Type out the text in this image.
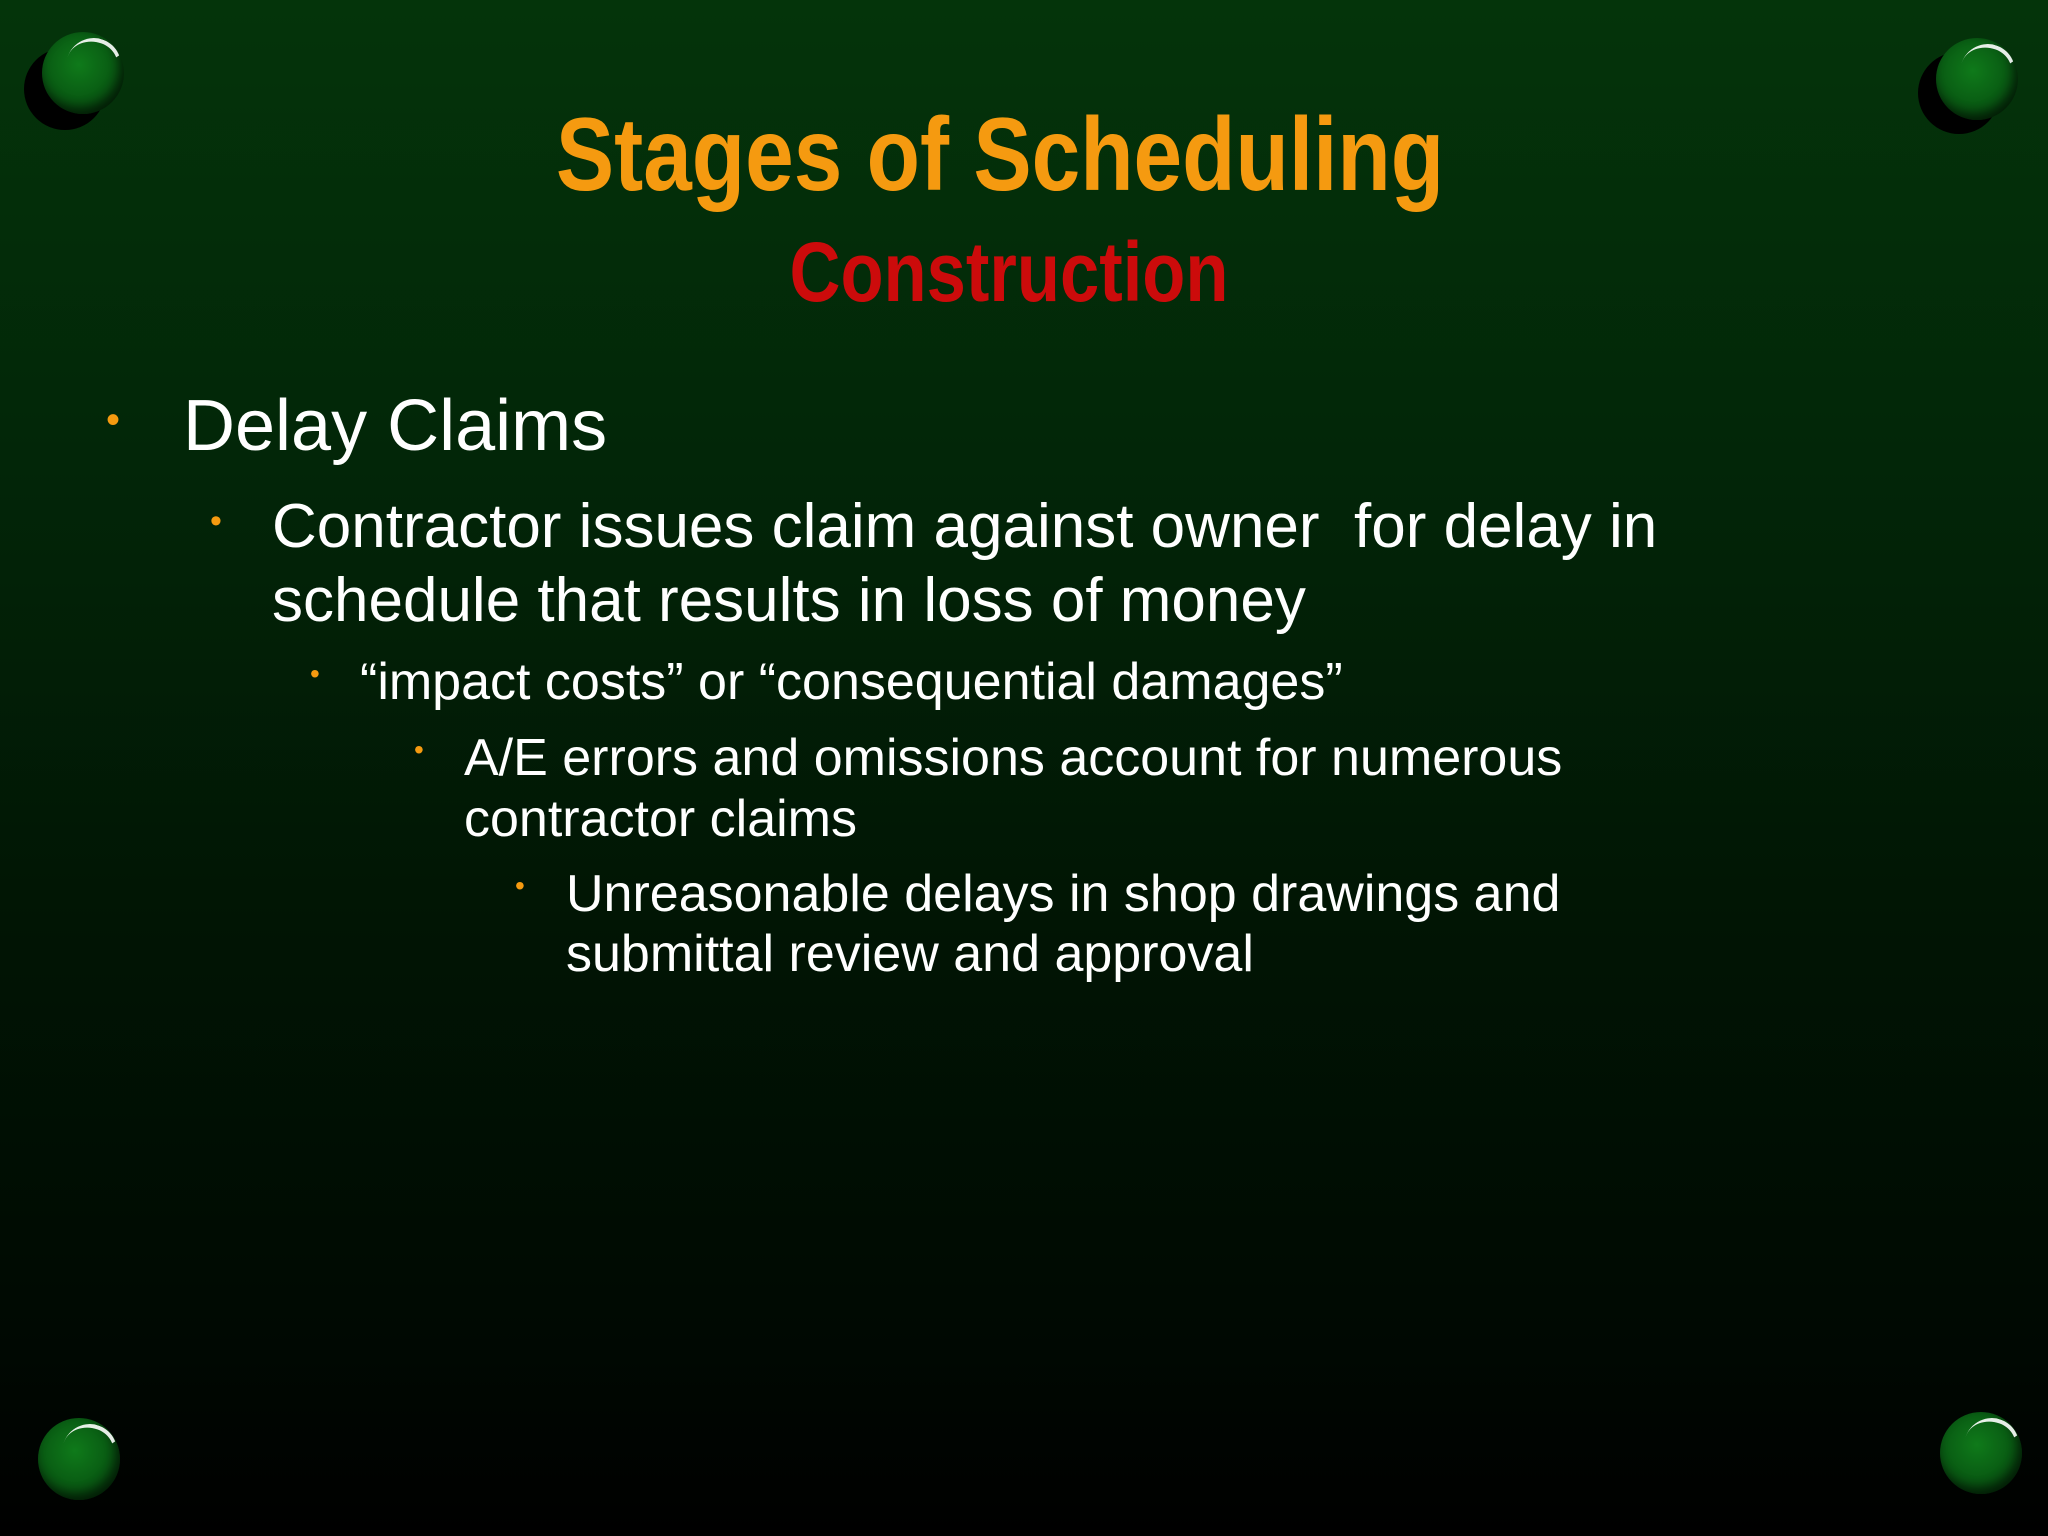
Stages of Scheduling
Construction
• Delay Claims
• Contractor issues claim against owner  for delay in
schedule that results in loss of money
• “impact costs” or “consequential damages”
• A/E errors and omissions account for numerous
contractor claims
• Unreasonable delays in shop drawings and
submittal review and approval
